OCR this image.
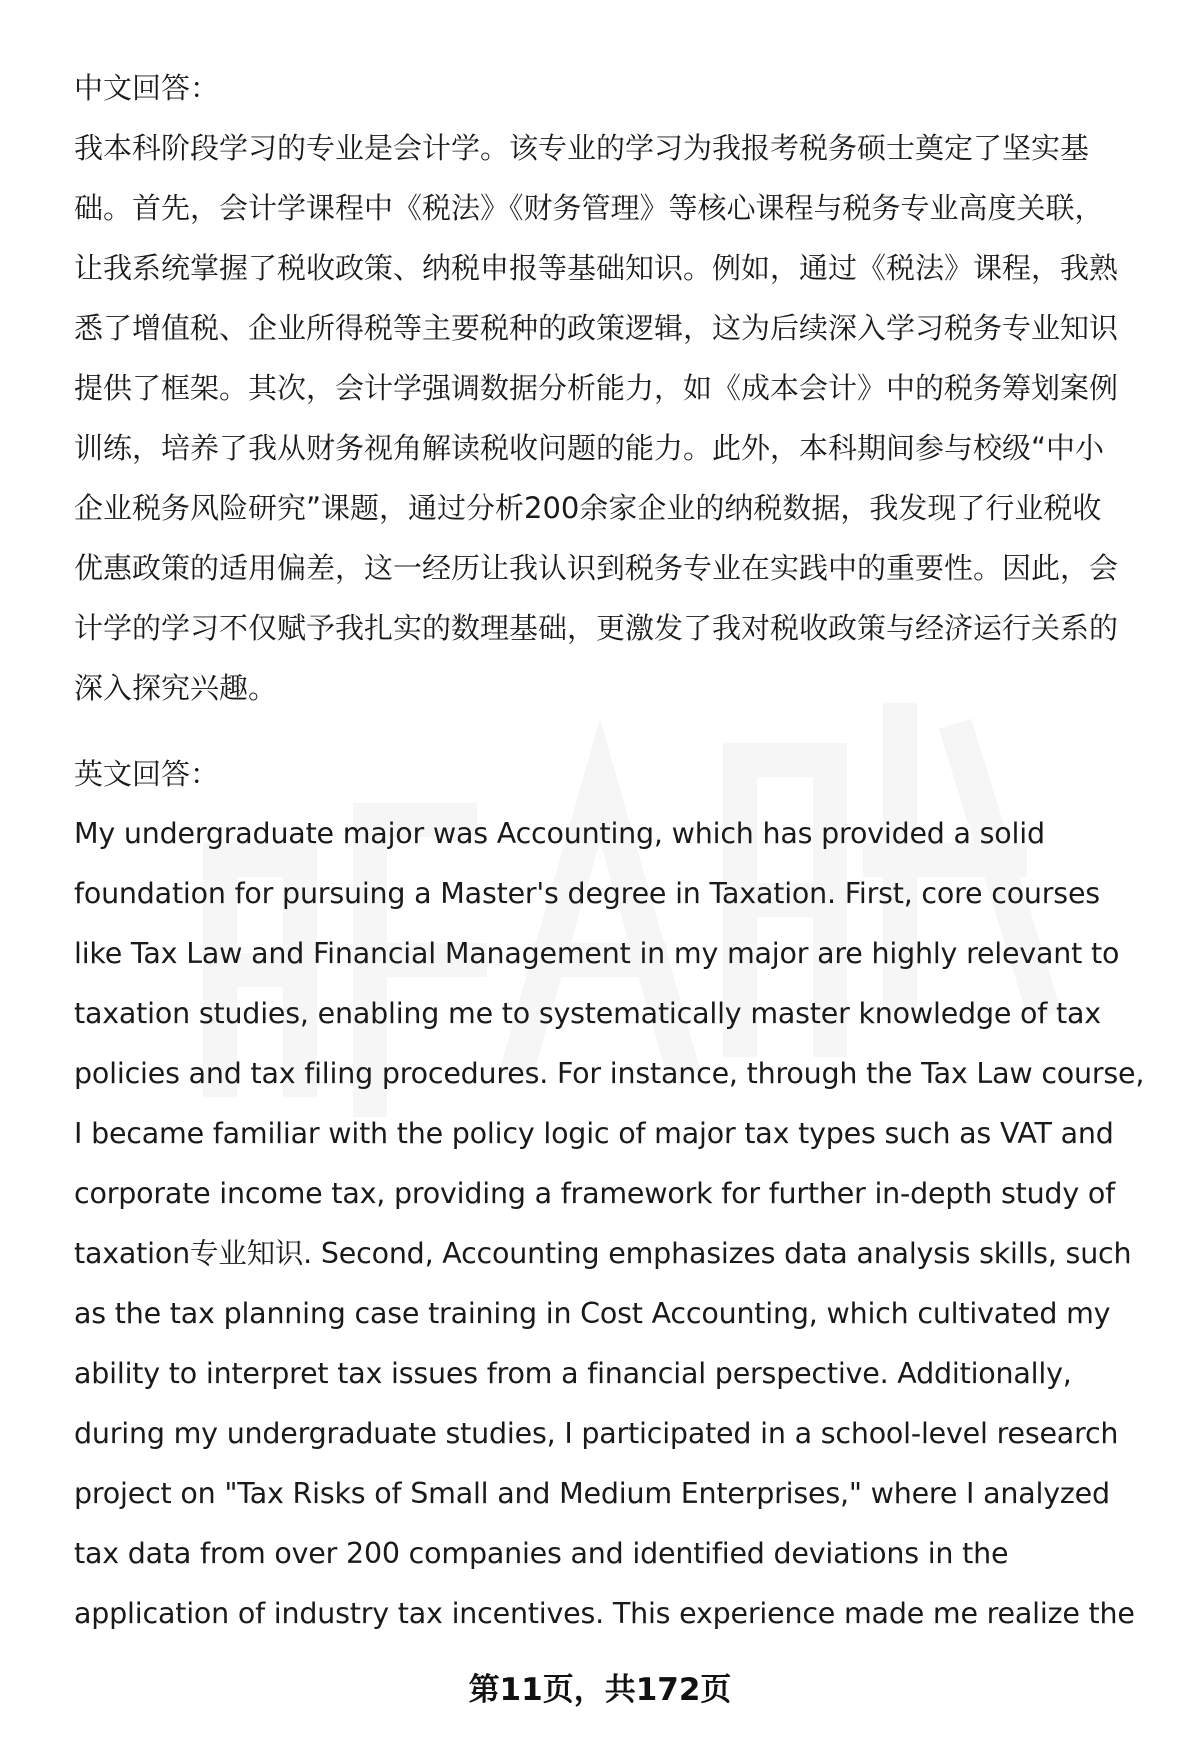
中文回答：
我本科阶段学习的专业是会计学。该专业的学习为我报考税务硕士奠定了坚实基
础。首先，会计学课程中《税法》《财务管理》等核心课程与税务专业高度关联，
让我系统掌握了税收政策、纳税申报等基础知识。例如，通过《税法》课程，我熟
悉了增值税、企业所得税等主要税种的政策逻辑，这为后续深入学习税务专业知识
提供了框架。其次，会计学强调数据分析能力，如《成本会计》中的税务筹划案例
训练，培养了我从财务视角解读税收问题的能力。此外，本科期间参与校级“中小
企业税务风险研究”课题，通过分析200余家企业的纳税数据，我发现了行业税收
优惠政策的适用偏差，这一经历让我认识到税务专业在实践中的重要性。因此，会
计学的学习不仅赋予我扎实的数理基础，更激发了我对税收政策与经济运行关系的
深入探究兴趣。
英文回答：
My undergraduate major was Accounting, which has provided a solid
foundation for pursuing a Master's degree in Taxation. First, core courses
like Tax Law and Financial Management in my major are highly relevant to
taxation studies, enabling me to systematically master knowledge of tax
policies and tax filing procedures. For instance, through the Tax Law course,
I became familiar with the policy logic of major tax types such as VAT and
corporate income tax, providing a framework for further in-depth study of
taxation专业知识. Second, Accounting emphasizes data analysis skills, such
as the tax planning case training in Cost Accounting, which cultivated my
ability to interpret tax issues from a financial perspective. Additionally,
during my undergraduate studies, I participated in a school-level research
project on "Tax Risks of Small and Medium Enterprises," where I analyzed
tax data from over 200 companies and identified deviations in the
application of industry tax incentives. This experience made me realize the
第11页，共172页
